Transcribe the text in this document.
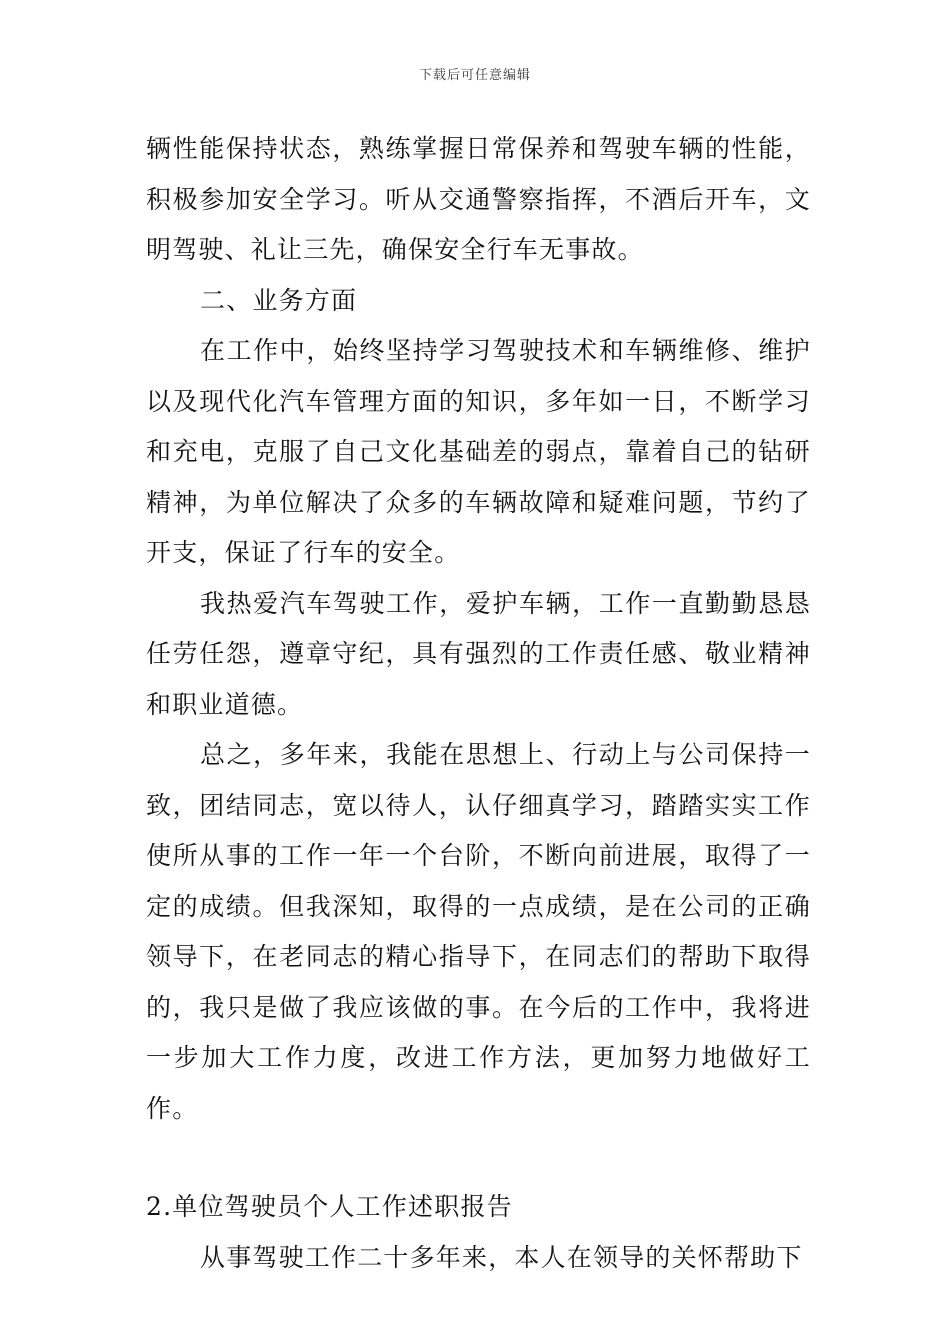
下载后可任意编辑

辆性能保持状态，熟练掌握日常保养和驾驶车辆的性能，积极参加安全学习。听从交通警察指挥，不酒后开车，文明驾驶、礼让三先，确保安全行车无事故。

二、业务方面

在工作中，始终坚持学习驾驶技术和车辆维修、维护以及现代化汽车管理方面的知识，多年如一日，不断学习和充电，克服了自己文化基础差的弱点，靠着自己的钻研精神，为单位解决了众多的车辆故障和疑难问题，节约了开支，保证了行车的安全。

我热爱汽车驾驶工作，爱护车辆，工作一直勤勤恳恳任劳任怨，遵章守纪，具有强烈的工作责任感、敬业精神和职业道德。

总之，多年来，我能在思想上、行动上与公司保持一致，团结同志，宽以待人，认仔细真学习，踏踏实实工作使所从事的工作一年一个台阶，不断向前进展，取得了一定的成绩。但我深知，取得的一点成绩，是在公司的正确领导下，在老同志的精心指导下，在同志们的帮助下取得的，我只是做了我应该做的事。在今后的工作中，我将进一步加大工作力度，改进工作方法，更加努力地做好工作。

2.单位驾驶员个人工作述职报告

从事驾驶工作二十多年来，本人在领导的关怀帮助下
